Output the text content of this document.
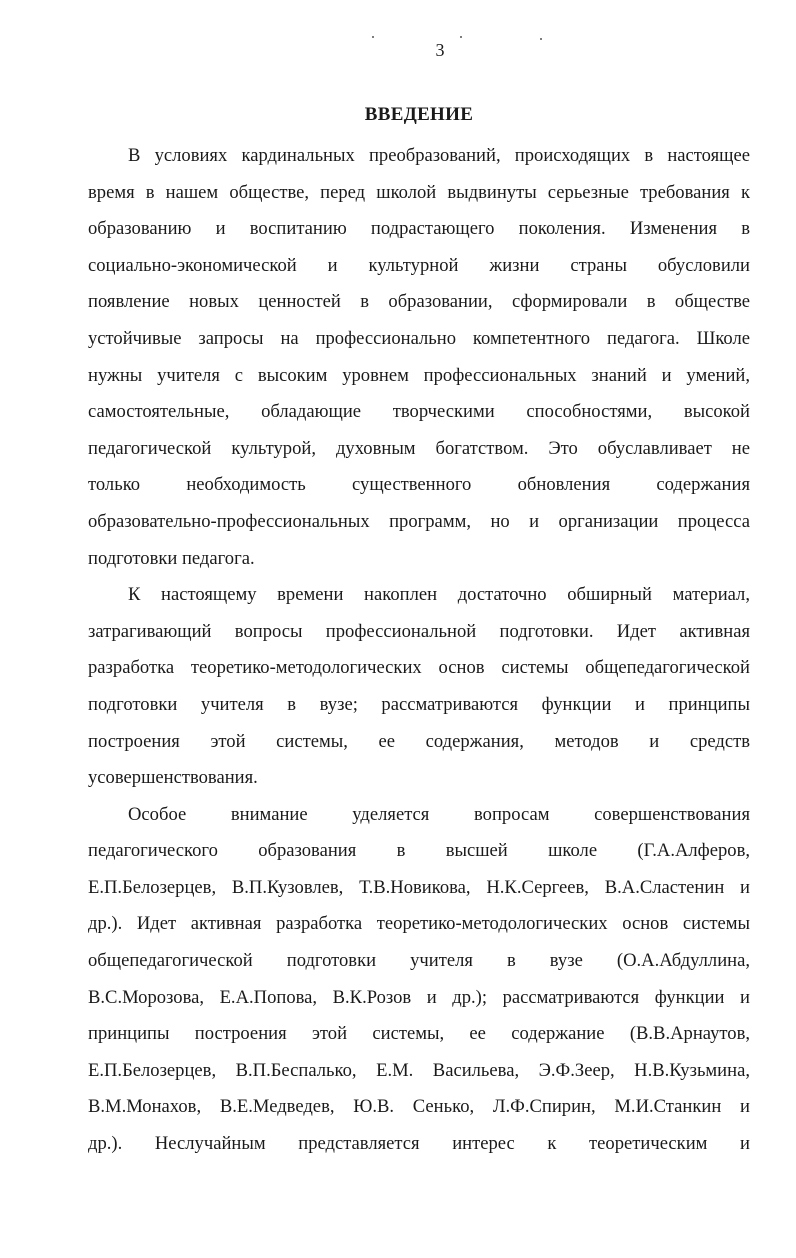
3
ВВЕДЕНИЕ
В условиях кардинальных преобразований, происходящих в настоящее
время в нашем обществе, перед школой выдвинуты серьезные требования к
образованию и воспитанию подрастающего поколения. Изменения в
социально-экономической и культурной жизни страны обусловили
появление новых ценностей в образовании, сформировали в обществе
устойчивые запросы на профессионально компетентного педагога. Школе
нужны учителя с высоким уровнем профессиональных знаний и умений,
самостоятельные, обладающие творческими способностями, высокой
педагогической культурой, духовным богатством. Это обуславливает не
только необходимость существенного обновления содержания
образовательно-профессиональных программ, но и организации процесса
подготовки педагога.
К настоящему времени накоплен достаточно обширный материал,
затрагивающий вопросы профессиональной подготовки. Идет активная
разработка теоретико-методологических основ системы общепедагогической
подготовки учителя в вузе; рассматриваются функции и принципы
построения этой системы, ее содержания, методов и средств
усовершенствования.
Особое внимание уделяется вопросам совершенствования
педагогического образования в высшей школе (Г.А.Алферов,
Е.П.Белозерцев, В.П.Кузовлев, Т.В.Новикова, Н.К.Сергеев, В.А.Сластенин и
др.). Идет активная разработка теоретико-методологических основ системы
общепедагогической подготовки учителя в вузе (О.А.Абдуллина,
В.С.Морозова, Е.А.Попова, В.К.Розов и др.); рассматриваются функции и
принципы построения этой системы, ее содержание (В.В.Арнаутов,
Е.П.Белозерцев, В.П.Беспалько, Е.М. Васильева, Э.Ф.Зеер, Н.В.Кузьмина,
В.М.Монахов, В.Е.Медведев, Ю.В. Сенько, Л.Ф.Спирин, М.И.Станкин и
др.). Неслучайным представляется интерес к теоретическим и
